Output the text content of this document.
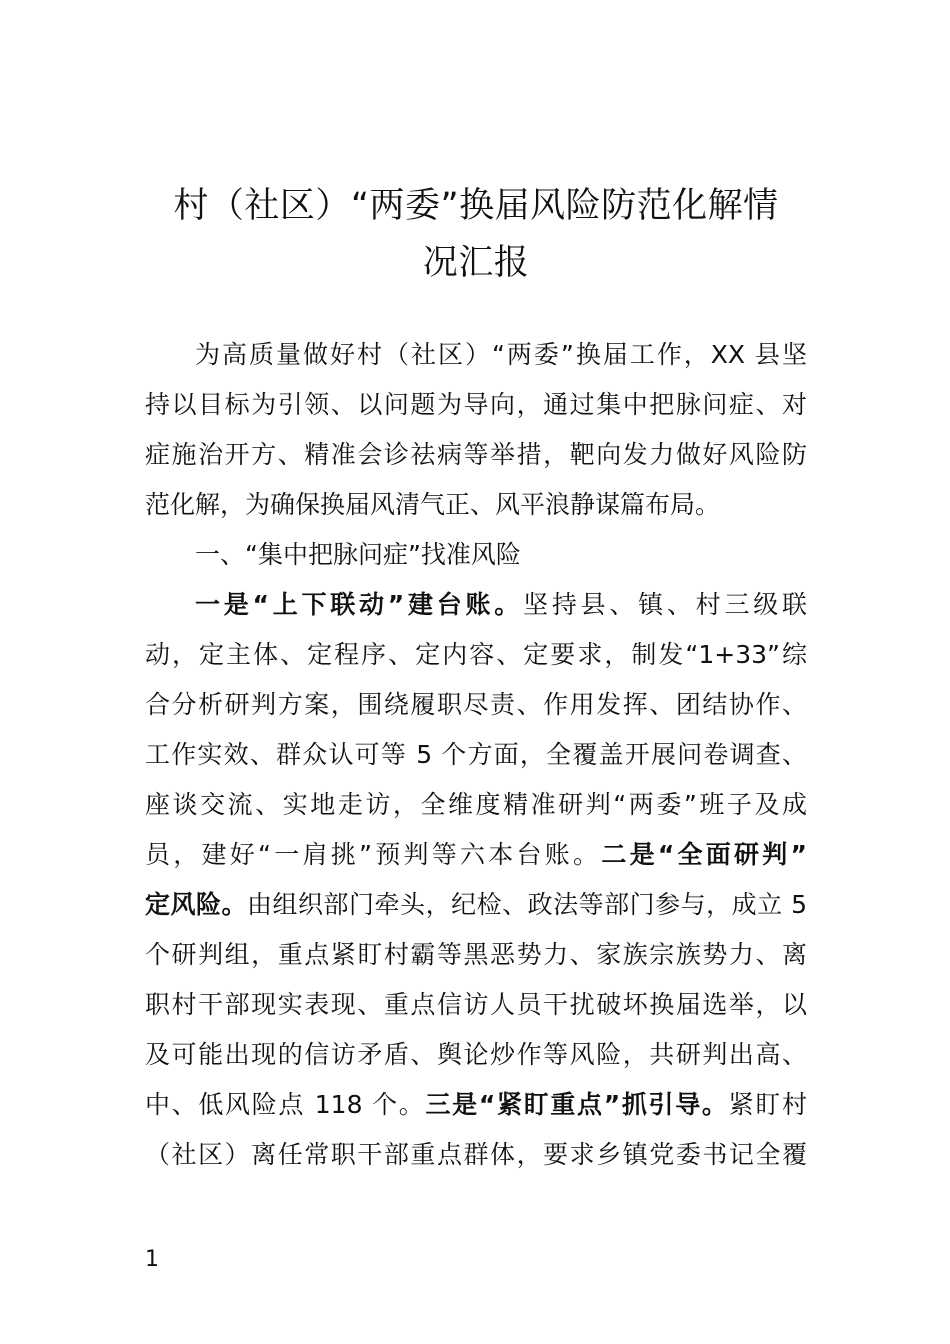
村（社区）“两委”换届风险防范化解情
况汇报
为高质量做好村（社区）“两委”换届工作，XX 县坚
持以目标为引领、以问题为导向，通过集中把脉问症、对
症施治开方、精准会诊祛病等举措，靶向发力做好风险防
范化解，为确保换届风清气正、风平浪静谋篇布局。
一、“集中把脉问症”找准风险
一是“上下联动”建台账。坚持县、镇、村三级联
动，定主体、定程序、定内容、定要求，制发“1+33”综
合分析研判方案，围绕履职尽责、作用发挥、团结协作、
工作实效、群众认可等 5 个方面，全覆盖开展问卷调查、
座谈交流、实地走访，全维度精准研判“两委”班子及成
员，建好“一肩挑”预判等六本台账。二是“全面研判”
定风险。由组织部门牵头，纪检、政法等部门参与，成立 5
个研判组，重点紧盯村霸等黑恶势力、家族宗族势力、离
职村干部现实表现、重点信访人员干扰破坏换届选举，以
及可能出现的信访矛盾、舆论炒作等风险，共研判出高、
中、低风险点 118 个。三是“紧盯重点”抓引导。紧盯村
（社区）离任常职干部重点群体，要求乡镇党委书记全覆
1
